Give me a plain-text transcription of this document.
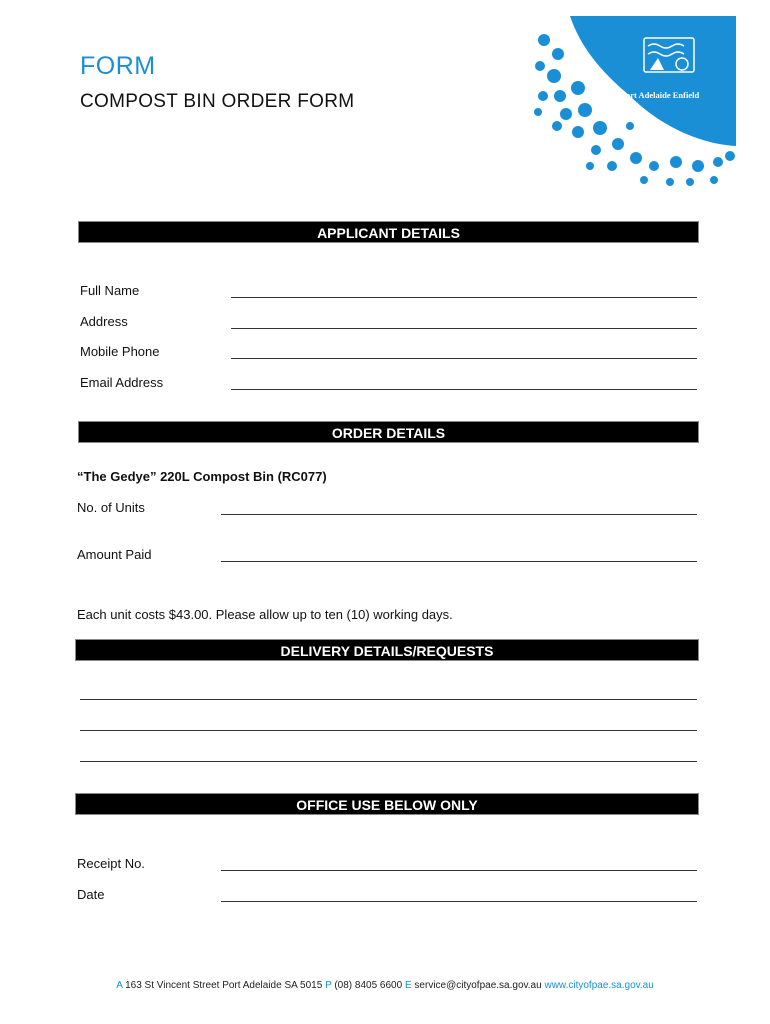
FORM
COMPOST BIN ORDER FORM	Port Adelaide Enfield
APPLICANT DETAILS
Full Name
Address
Mobile Phone
Email Address
ORDER DETAILS
“The Gedye” 220L Compost Bin (RC077)
No. of Units
Amount Paid
Each unit costs $43.00. Please allow up to ten (10) working days.
DELIVERY DETAILS/REQUESTS
OFFICE USE BELOW ONLY
Receipt No.
Date
A 163 St Vincent Street Port Adelaide SA 5015 P (08) 8405 6600 E service@cityofpae.sa.gov.au www.cityofpae.sa.gov.au
